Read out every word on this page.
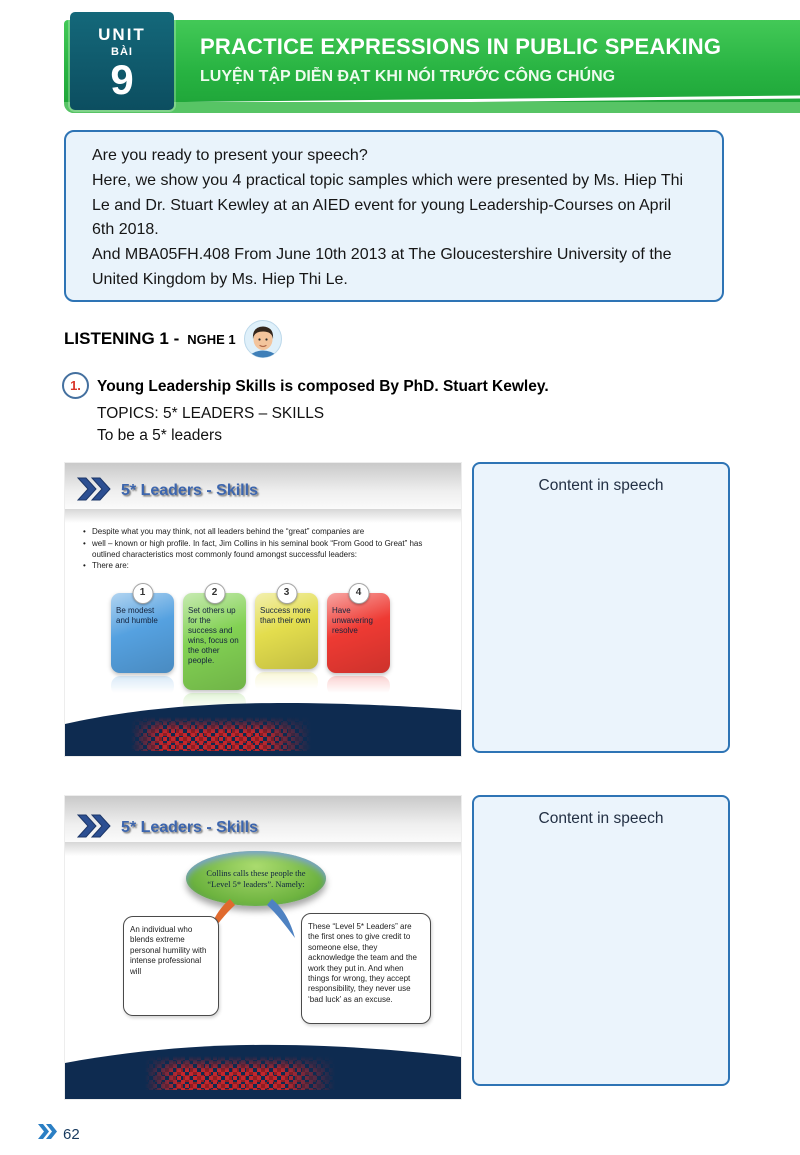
PRACTICE EXPRESSIONS IN PUBLIC SPEAKING
LUYỆN TẬP DIỄN ĐẠT KHI NÓI TRƯỚC CÔNG CHÚNG
UNIT
BÀI
9

Are you ready to present your speech?

Here, we show you 4 practical topic samples which were presented by Ms. Hiep Thi Le and Dr. Stuart Kewley at an AIED event for young Leadership-Courses on April 6th 2018.

And MBA05FH.408 From June 10th 2013 at The Gloucestershire University of the United Kingdom by Ms. Hiep Thi Le.

LISTENING 1 - NGHE 1
1. Young Leadership Skills is composed By PhD. Stuart Kewley.
TOPICS: 5* LEADERS – SKILLS
To be a 5* leaders
5* Leaders - Skills
• Despite what you may think, not all leaders behind the “great” companies are
• well – known or high profile. In fact, Jim Collins in his seminal book “From Good to Great” has outlined characteristics most commonly found amongst successful leaders:
• There are:
1
Be modest and humble
2
Set others up for the success and wins, focus on the other people.
3
Success more than their own
4
Have unwavering resolve
Content in speech
5* Leaders - Skills
Collins calls these people the “Level 5* leaders”. Namely:
An individual who blends extreme personal humility with intense professional will
These “Level 5* Leaders” are the first ones to give credit to someone else, they acknowledge the team and the work they put in. And when things for wrong, they accept responsibility, they never use ‘bad luck’ as an excuse.
Content in speech
62
